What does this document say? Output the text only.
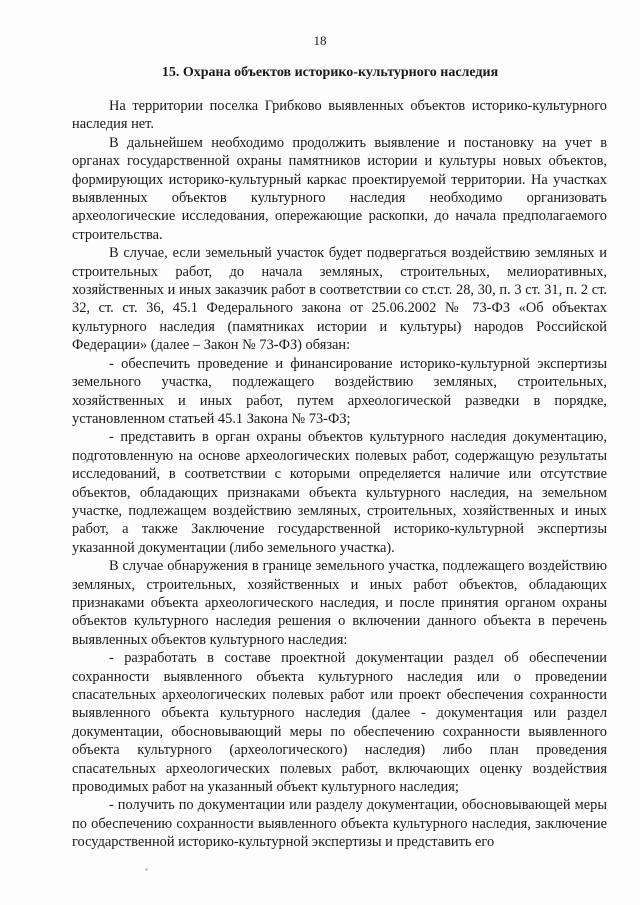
18
15. Охрана объектов историко-культурного наследия

На территории поселка Грибково выявленных объектов историко-культурного наследия нет.

В дальнейшем необходимо продолжить выявление и постановку на учет в органах государственной охраны памятников истории и культуры новых объектов, формирующих историко-культурный каркас проектируемой территории. На участках выявленных объектов культурного наследия необходимо организовать археологические исследования, опережающие раскопки, до начала предполагаемого строительства.

В случае, если земельный участок будет подвергаться воздействию земляных и строительных работ, до начала земляных, строительных, мелиоративных, хозяйственных и иных заказчик работ в соответствии со ст.ст. 28, 30, п. 3 ст. 31, п. 2 ст. 32, ст. ст. 36, 45.1 Федерального закона от 25.06.2002 № 73-ФЗ «Об объектах культурного наследия (памятниках истории и культуры) народов Российской Федерации» (далее – Закон № 73-ФЗ) обязан:

- обеспечить проведение и финансирование историко-культурной экспертизы земельного участка, подлежащего воздействию земляных, строительных, хозяйственных и иных работ, путем археологической разведки в порядке, установленном статьей 45.1 Закона № 73-ФЗ;

- представить в орган охраны объектов культурного наследия документацию, подготовленную на основе археологических полевых работ, содержащую результаты исследований, в соответствии с которыми определяется наличие или отсутствие объектов, обладающих признаками объекта культурного наследия, на земельном участке, подлежащем воздействию земляных, строительных, хозяйственных и иных работ, а также Заключение государственной историко-культурной экспертизы указанной документации (либо земельного участка).

В случае обнаружения в границе земельного участка, подлежащего воздействию земляных, строительных, хозяйственных и иных работ объектов, обладающих признаками объекта археологического наследия, и после принятия органом охраны объектов культурного наследия решения о включении данного объекта в перечень выявленных объектов культурного наследия:

- разработать в составе проектной документации раздел об обеспечении сохранности выявленного объекта культурного наследия или о проведении спасательных археологических полевых работ или проект обеспечения сохранности выявленного объекта культурного наследия (далее - документация или раздел документации, обосновывающий меры по обеспечению сохранности выявленного объекта культурного (археологического) наследия) либо план проведения спасательных археологических полевых работ, включающих оценку воздействия проводимых работ на указанный объект культурного наследия;

- получить по документации или разделу документации, обосновывающей меры по обеспечению сохранности выявленного объекта культурного наследия, заключение государственной историко-культурной экспертизы и представить его
